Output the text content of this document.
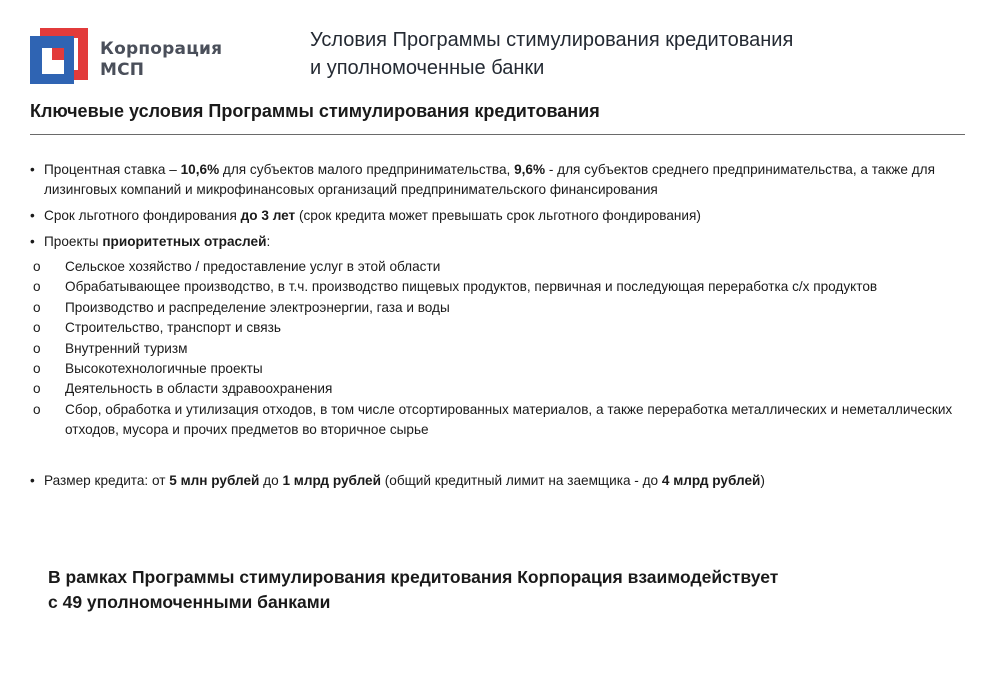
Корпорация
МСП
Условия Программы стимулирования кредитования
и уполномоченные банки
Ключевые условия Программы стимулирования кредитования
• Процентная ставка – 10,6% для субъектов малого предпринимательства, 9,6% - для субъектов среднего предпринимательства, а также для лизинговых компаний и микрофинансовых организаций предпринимательского финансирования
• Срок льготного фондирования до 3 лет (срок кредита может превышать срок льготного фондирования)
• Проекты приоритетных отраслей:
o Сельское хозяйство / предоставление услуг в этой области
o Обрабатывающее производство, в т.ч. производство пищевых продуктов, первичная и последующая переработка с/х продуктов
o Производство и распределение электроэнергии, газа и воды
o Строительство, транспорт и связь
o Внутренний туризм
o Высокотехнологичные проекты
o Деятельность в области здравоохранения
o Сбор, обработка и утилизация отходов, в том числе отсортированных материалов, а также переработка металлических и неметаллических отходов, мусора и прочих предметов во вторичное сырье
• Размер кредита: от 5 млн рублей до 1 млрд рублей (общий кредитный лимит на заемщика - до 4 млрд рублей)
В рамках Программы стимулирования кредитования Корпорация взаимодействует
с 49 уполномоченными банками
